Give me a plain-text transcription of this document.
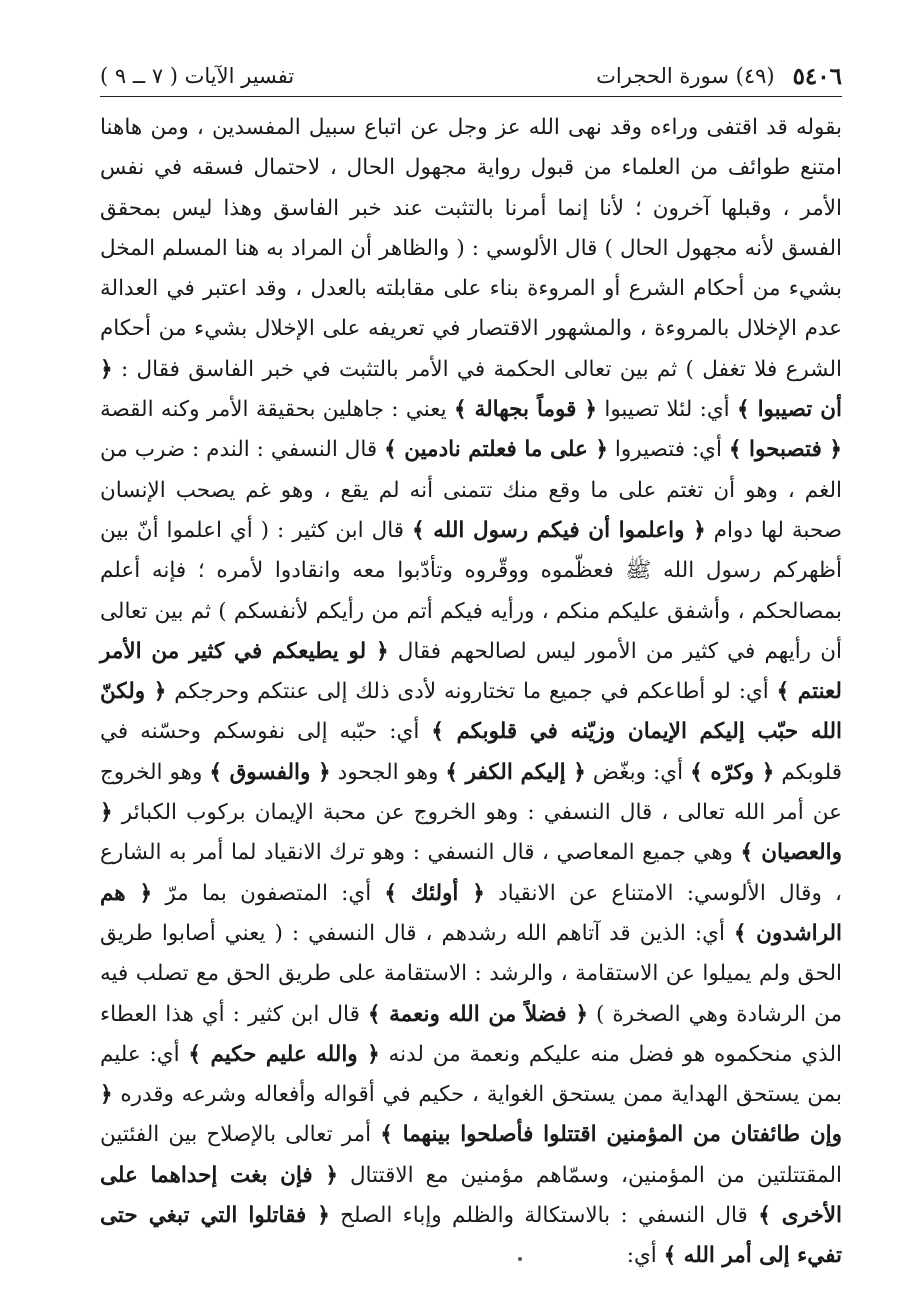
٥٤٠٦
(٤٩) سورة الحجرات
تفسير الآيات ( ٧ ــ ٩ )

بقوله قد اقتفى وراءه وقد نهى الله عز وجل عن اتباع سبيل المفسدين ، ومن هاهنا امتنع طوائف من العلماء من قبول رواية مجهول الحال ، لاحتمال فسقه في نفس الأمر ، وقبلها آخرون ؛ لأنا إنما أمرنا بالتثبت عند خبر الفاسق وهذا ليس بمحقق الفسق لأنه مجهول الحال ) قال الألوسي : ( والظاهر أن المراد به هنا المسلم المخل بشيء من أحكام الشرع أو المروءة بناء على مقابلته بالعدل ، وقد اعتبر في العدالة عدم الإخلال بالمروءة ، والمشهور الاقتصار في تعريفه على الإخلال بشيء من أحكام الشرع فلا تغفل ) ثم بين تعالى الحكمة في الأمر بالتثبت في خبر الفاسق فقال : ﴿ أن تصيبوا ﴾ أي: لئلا تصيبوا ﴿ قوماً بجهالة ﴾ يعني : جاهلين بحقيقة الأمر وكنه القصة ﴿ فتصبحوا ﴾ أي: فتصيروا ﴿ على ما فعلتم نادمين ﴾ قال النسفي : الندم : ضرب من الغم ، وهو أن تغتم على ما وقع منك تتمنى أنه لم يقع ، وهو غم يصحب الإنسان صحبة لها دوام ﴿ واعلموا أن فيكم رسول الله ﴾ قال ابن كثير : ( أي اعلموا أنّ بين أظهركم رسول الله ﷺ فعظّموه ووقّروه وتأدّبوا معه وانقادوا لأمره ؛ فإنه أعلم بمصالحكم ، وأشفق عليكم منكم ، ورأيه فيكم أتم من رأيكم لأنفسكم ) ثم بين تعالى أن رأيهم في كثير من الأمور ليس لصالحهم فقال ﴿ لو يطيعكم في كثير من الأمر لعنتم ﴾ أي: لو أطاعكم في جميع ما تختارونه لأدى ذلك إلى عنتكم وحرجكم ﴿ ولكنّ الله حبّب إليكم الإيمان وزيّنه في قلوبكم ﴾ أي: حبّبه إلى نفوسكم وحسّنه في قلوبكم ﴿ وكرّه ﴾ أي: وبغّض ﴿ إليكم الكفر ﴾ وهو الجحود ﴿ والفسوق ﴾ وهو الخروج عن أمر الله تعالى ، قال النسفي : وهو الخروج عن محبة الإيمان بركوب الكبائر ﴿ والعصيان ﴾ وهي جميع المعاصي ، قال النسفي : وهو ترك الانقياد لما أمر به الشارع ، وقال الألوسي: الامتناع عن الانقياد ﴿ أولئك ﴾ أي: المتصفون بما مرّ ﴿ هم الراشدون ﴾ أي: الذين قد آتاهم الله رشدهم ، قال النسفي : ( يعني أصابوا طريق الحق ولم يميلوا عن الاستقامة ، والرشد : الاستقامة على طريق الحق مع تصلب فيه من الرشادة وهي الصخرة ) ﴿ فضلاً من الله ونعمة ﴾ قال ابن كثير : أي هذا العطاء الذي منحكموه هو فضل منه عليكم ونعمة من لدنه ﴿ والله عليم حكيم ﴾ أي: عليم بمن يستحق الهداية ممن يستحق الغواية ، حكيم في أقواله وأفعاله وشرعه وقدره ﴿ وإن طائفتان من المؤمنين اقتتلوا فأصلحوا بينهما ﴾ أمر تعالى بالإصلاح بين الفئتين المقتتلتين من المؤمنين، وسمّاهم مؤمنين مع الاقتتال ﴿ فإن بغت إحداهما على الأخرى ﴾ قال النسفي : بالاستكالة والظلم وإباء الصلح ﴿ فقاتلوا التي تبغي حتى تفيء إلى أمر الله ﴾ أي:
